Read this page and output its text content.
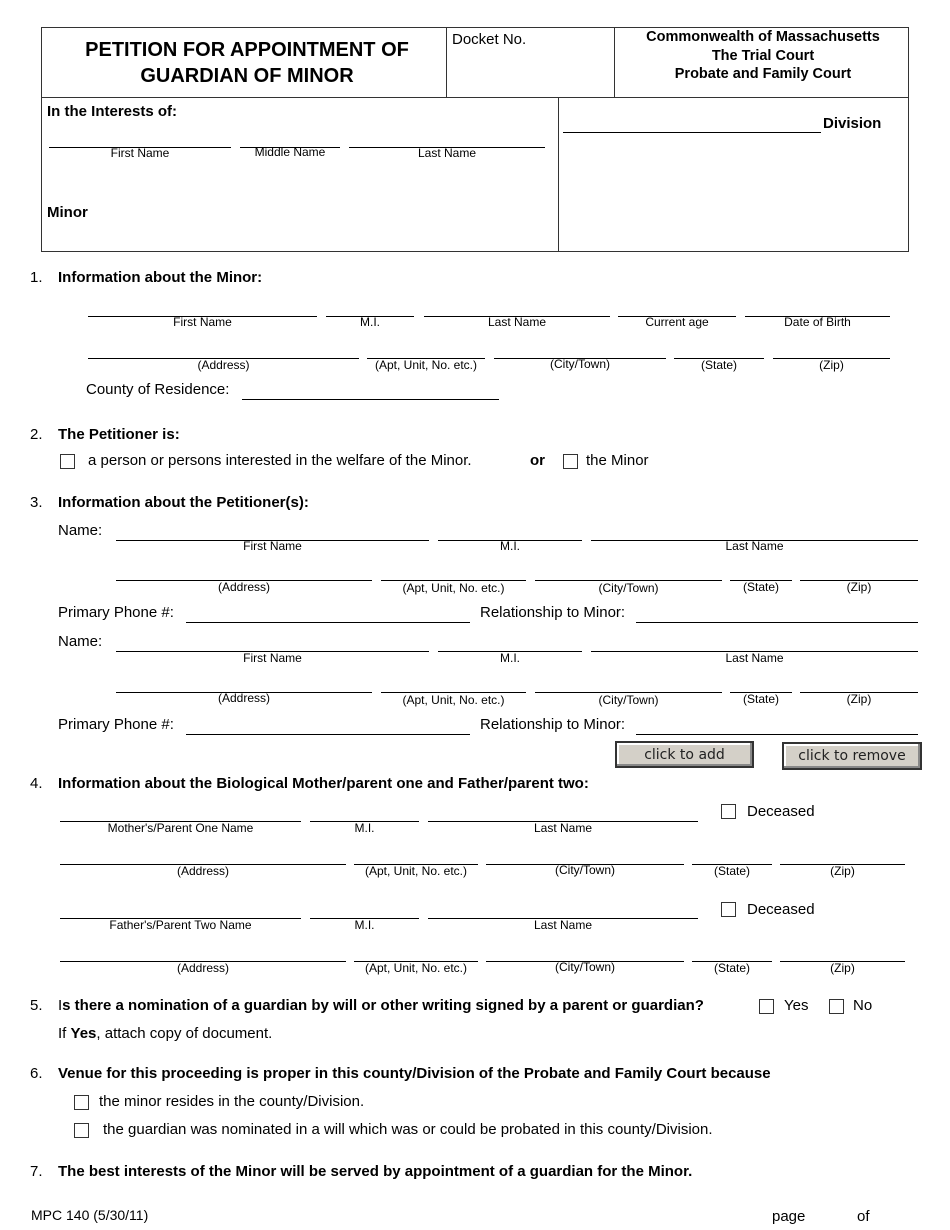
PETITION FOR APPOINTMENT OF
GUARDIAN OF MINOR
Docket No.	Commonwealth of Massachusetts
The Trial Court
Probate and Family Court
Division
In the Interests of:
First Name	Middle Name	Last Name
Minor
1. Information about the Minor:
First Name	M.I.	Last Name	Current age	Date of Birth
(Address)	(Apt, Unit, No. etc.)	(City/Town)	(State)	(Zip)
County of Residence:
2. The Petitioner is:
a person or persons interested in the welfare of the Minor.	or	the Minor
3. Information about the Petitioner(s):
Name:
First Name	M.I.	Last Name
(Address)	(Apt, Unit, No. etc.)	(City/Town)	(State)	(Zip)
Primary Phone #:	Relationship to Minor:
Name:
First Name	M.I.	Last Name
(Address)	(Apt, Unit, No. etc.)	(City/Town)	(State)	(Zip)
Primary Phone #:	Relationship to Minor:
click to add	click to remove
4. Information about the Biological Mother/parent one and Father/parent two:
Deceased
Mother's/Parent One Name	M.I.	Last Name
(Address)	(Apt, Unit, No. etc.)	(City/Town)	(State)	(Zip)
Deceased
Father's/Parent Two Name	M.I.	Last Name
(Address)	(Apt, Unit, No. etc.)	(City/Town)	(State)	(Zip)
5. Is there a nomination of a guardian by will or other writing signed by a parent or guardian?	Yes	No
If Yes, attach copy of document.
6. Venue for this proceeding is proper in this county/Division of the Probate and Family Court because
the minor resides in the county/Division.
the guardian was nominated in a will which was or could be probated in this county/Division.
7. The best interests of the Minor will be served by appointment of a guardian for the Minor.
MPC 140 (5/30/11)	page	of
